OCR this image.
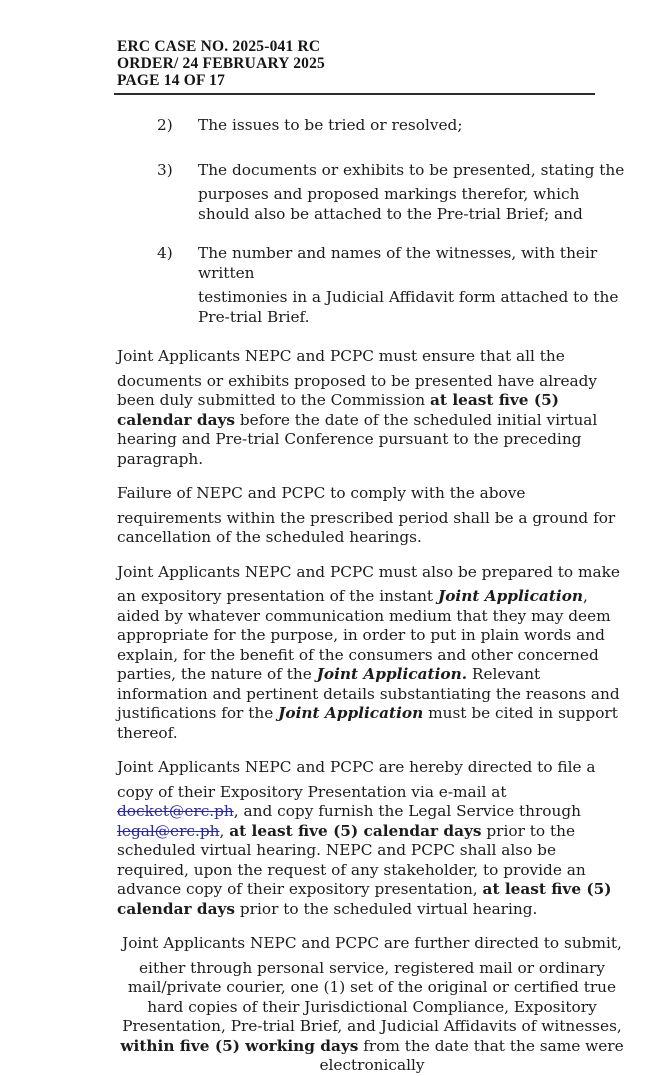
ERC CASE NO. 2025-041 RC
ORDER/ 24 FEBRUARY 2025
PAGE 14 OF 17
2)	The issues to be tried or resolved;
3)	The documents or exhibits to be presented, stating the
purposes and proposed markings therefor, which should also be attached to the Pre-trial Brief; and
4)	The number and names of the witnesses, with their written
testimonies in a Judicial Affidavit form attached to the Pre-trial Brief.

Joint Applicants NEPC and PCPC must ensure that all the
documents or exhibits proposed to be presented have already been duly submitted to the Commission at least five (5) calendar days before the date of the scheduled initial virtual hearing and Pre-trial Conference pursuant to the preceding paragraph.

Failure of NEPC and PCPC to comply with the above
requirements within the prescribed period shall be a ground for cancellation of the scheduled hearings.

Joint Applicants NEPC and PCPC must also be prepared to make
an expository presentation of the instant Joint Application, aided by whatever communication medium that they may deem appropriate for the purpose, in order to put in plain words and explain, for the benefit of the consumers and other concerned parties, the nature of the Joint Application. Relevant information and pertinent details substantiating the reasons and justifications for the Joint Application must be cited in support thereof.

Joint Applicants NEPC and PCPC are hereby directed to file a
copy of their Expository Presentation via e-mail at docket@erc.ph, and copy furnish the Legal Service through legal@erc.ph, at least five (5) calendar days prior to the scheduled virtual hearing. NEPC and PCPC shall also be required, upon the request of any stakeholder, to provide an advance copy of their expository presentation, at least five (5) calendar days prior to the scheduled virtual hearing.

Joint Applicants NEPC and PCPC are further directed to submit,
either through personal service, registered mail or ordinary mail/private courier, one (1) set of the original or certified true hard copies of their Jurisdictional Compliance, Expository Presentation, Pre-trial Brief, and Judicial Affidavits of witnesses, within five (5) working days from the date that the same were electronically
